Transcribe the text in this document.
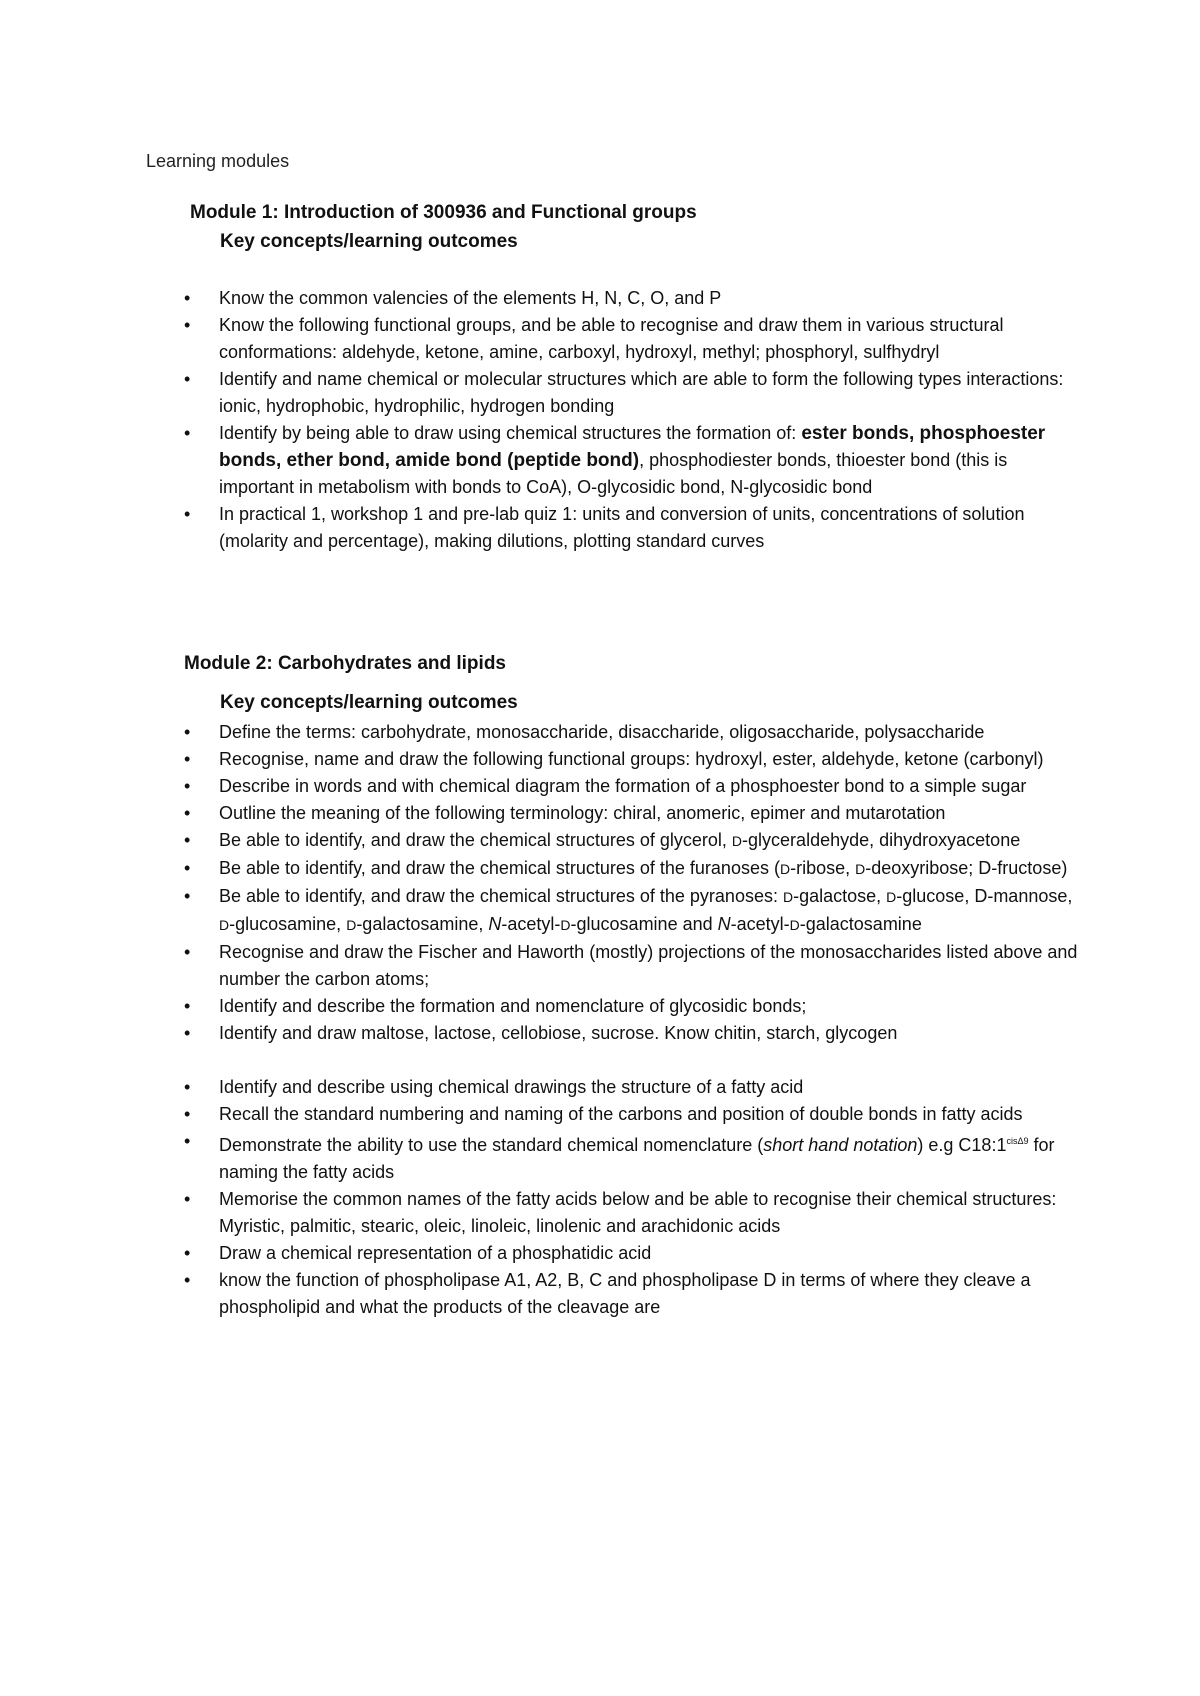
Learning modules
Module 1: Introduction of 300936 and Functional groups
Key concepts/learning outcomes
• Know the common valencies of the elements H, N, C, O, and P
• Know the following functional groups, and be able to recognise and draw them in various structural conformations: aldehyde, ketone, amine, carboxyl, hydroxyl, methyl; phosphoryl, sulfhydryl
• Identify and name chemical or molecular structures which are able to form the following types interactions: ionic, hydrophobic, hydrophilic, hydrogen bonding
• Identify by being able to draw using chemical structures the formation of: ester bonds, phosphoester bonds, ether bond, amide bond (peptide bond), phosphodiester bonds, thioester bond (this is important in metabolism with bonds to CoA), O-glycosidic bond, N-glycosidic bond
• In practical 1, workshop 1 and pre-lab quiz 1: units and conversion of units, concentrations of solution (molarity and percentage), making dilutions, plotting standard curves
Module 2: Carbohydrates and lipids
Key concepts/learning outcomes
• Define the terms: carbohydrate, monosaccharide, disaccharide, oligosaccharide, polysaccharide
• Recognise, name and draw the following functional groups: hydroxyl, ester, aldehyde, ketone (carbonyl)
• Describe in words and with chemical diagram the formation of a phosphoester bond to a simple sugar
• Outline the meaning of the following terminology: chiral, anomeric, epimer and mutarotation
• Be able to identify, and draw the chemical structures of glycerol, D-glyceraldehyde, dihydroxyacetone
• Be able to identify, and draw the chemical structures of the furanoses (D-ribose, D-deoxyribose; D-fructose)
• Be able to identify, and draw the chemical structures of the pyranoses: D-galactose, D-glucose, D-mannose, D-glucosamine, D-galactosamine, N-acetyl-D-glucosamine and N-acetyl-D-galactosamine
• Recognise and draw the Fischer and Haworth (mostly) projections of the monosaccharides listed above and number the carbon atoms;
• Identify and describe the formation and nomenclature of glycosidic bonds;
• Identify and draw maltose, lactose, cellobiose, sucrose. Know chitin, starch, glycogen
• Identify and describe using chemical drawings the structure of a fatty acid
• Recall the standard numbering and naming of the carbons and position of double bonds in fatty acids
• Demonstrate the ability to use the standard chemical nomenclature (short hand notation) e.g $C18:1^{cis\Delta 9}$ for naming the fatty acids
• Memorise the common names of the fatty acids below and be able to recognise their chemical structures: Myristic, palmitic, stearic, oleic, linoleic, linolenic and arachidonic acids
• Draw a chemical representation of a phosphatidic acid
• know the function of phospholipase A1, A2, B, C and phospholipase D in terms of where they cleave a phospholipid and what the products of the cleavage are
